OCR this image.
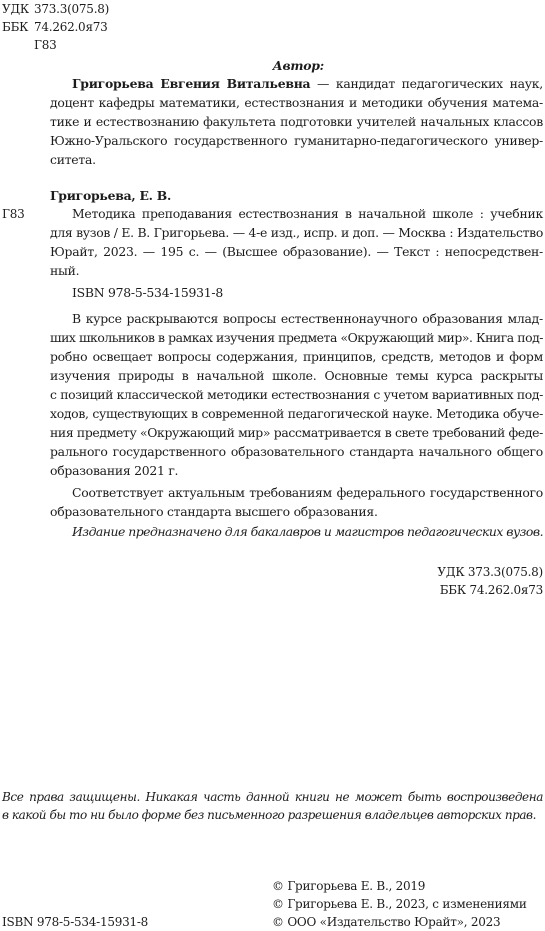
УДК 373.3(075.8)
ББК 74.262.0я73
Г83
Автор:
Григорьева Евгения Витальевна — кандидат педагогических наук,
доцент кафедры математики, естествознания и методики обучения матема-
тике и естествознанию факультета подготовки учителей начальных классов
Южно-Уральского государственного гуманитарно-педагогического универ-
ситета.
Григорьева, Е. В.
Г83	Методика преподавания естествознания в начальной школе : учебник
для вузов / Е. В. Григорьева. — 4-е изд., испр. и доп. — Москва : Издательство
Юрайт, 2023. — 195 с. — (Высшее образование). — Текст : непосредствен-
ный.
ISBN 978-5-534-15931-8
В курсе раскрываются вопросы естественнонаучного образования млад-
ших школьников в рамках изучения предмета «Окружающий мир». Книга под-
робно освещает вопросы содержания, принципов, средств, методов и форм
изучения природы в начальной школе. Основные темы курса раскрыты
с позиций классической методики естествознания с учетом вариативных под-
ходов, существующих в современной педагогической науке. Методика обуче-
ния предмету «Окружающий мир» рассматривается в свете требований феде-
рального государственного образовательного стандарта начального общего
образования 2021 г.
Соответствует актуальным требованиям федерального государственного
образовательного стандарта высшего образования.
Издание предназначено для бакалавров и магистров педагогических вузов.
УДК 373.3(075.8)
ББК 74.262.0я73
Все права защищены. Никакая часть данной книги не может быть воспроизведена
в какой бы то ни было форме без письменного разрешения владельцев авторских прав.
© Григорьева Е. В., 2019
© Григорьева Е. В., 2023, с изменениями
ISBN 978-5-534-15931-8	© ООО «Издательство Юрайт», 2023
